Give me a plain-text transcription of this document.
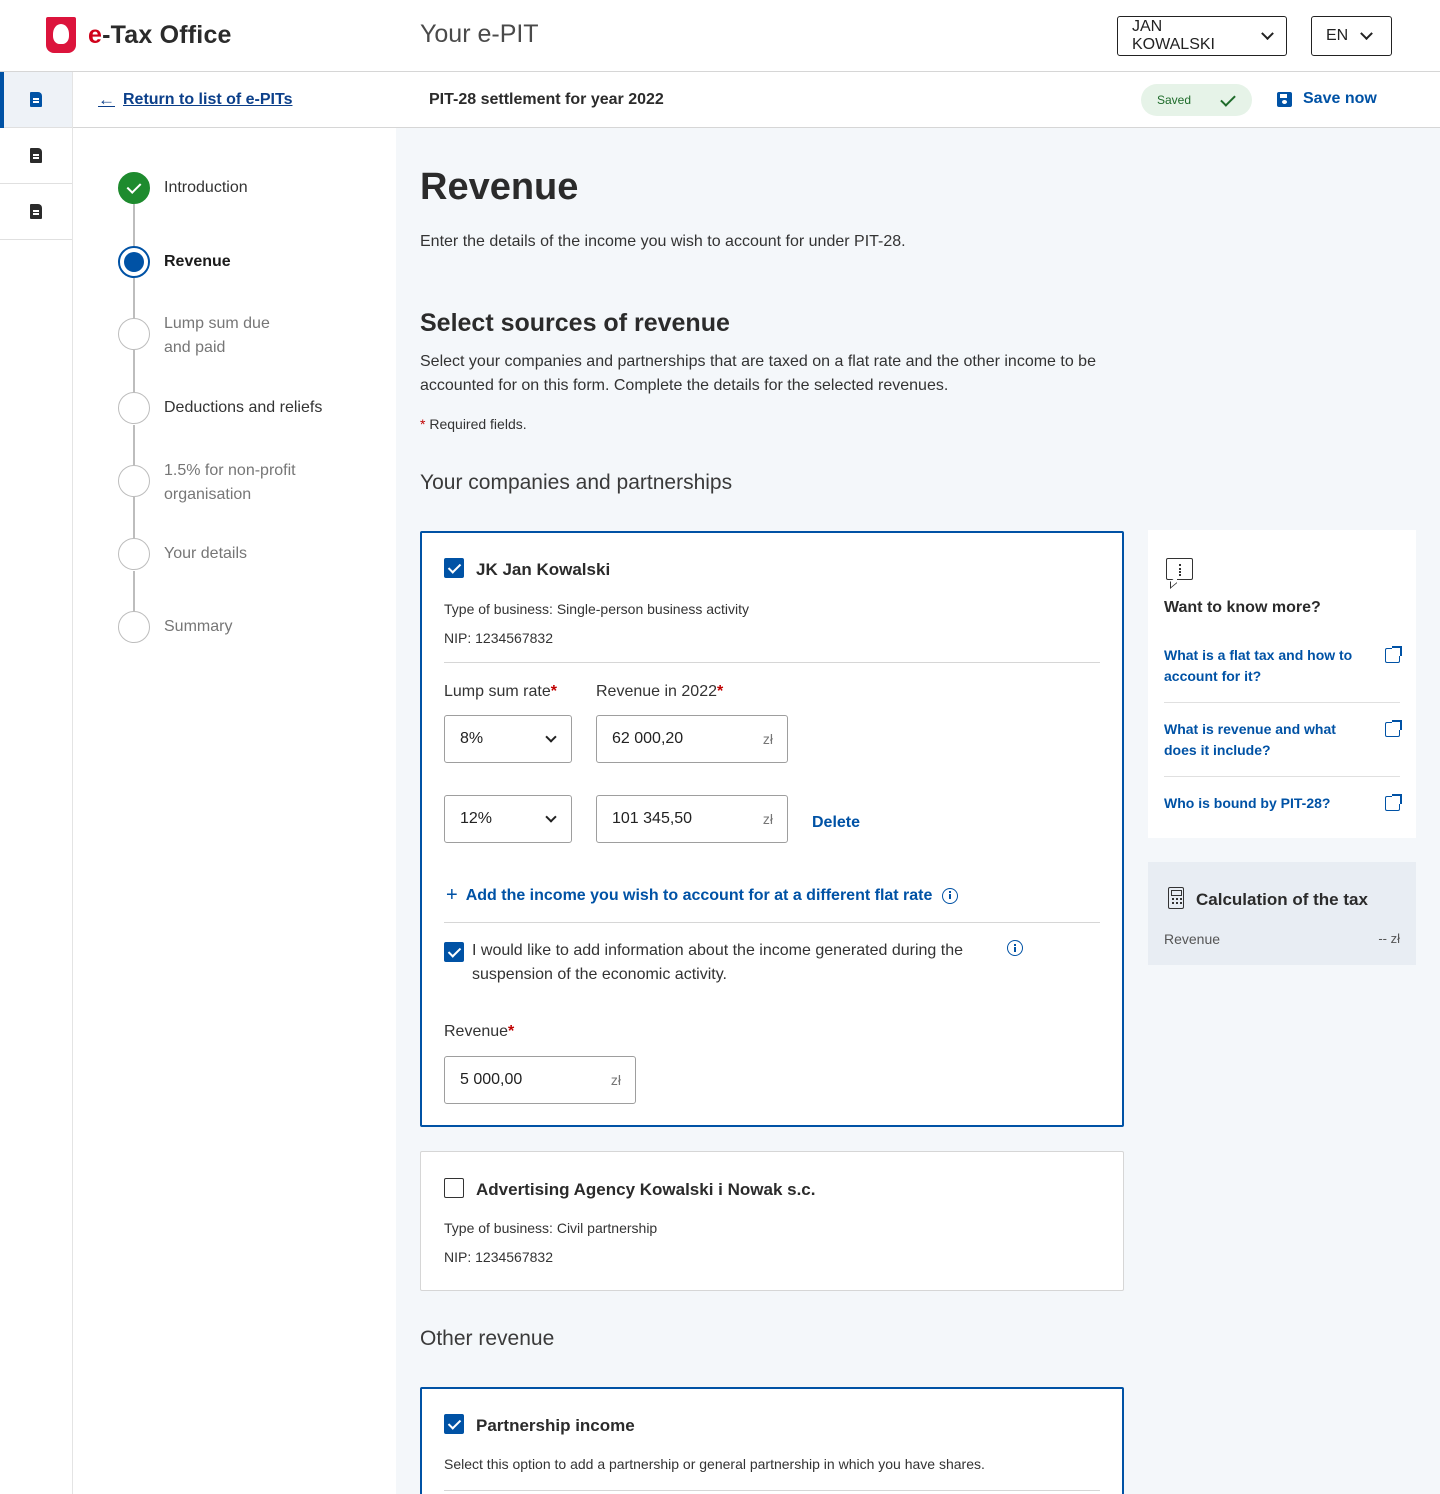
e-Tax Office	Your e-PIT	JAN KOWALSKI
EN
← Return to list of e-PITs	PIT-28 settlement for year 2022	Saved	Save now
Introduction
Revenue
Lump sum due and paid
Deductions and reliefs
1.5% for non-profit organisation
Your details
Summary
Revenue

Enter the details of the income you wish to account for under PIT-28.

Select sources of revenue

Select your companies and partnerships that are taxed on a flat rate and the other income to be accounted for on this form. Complete the details for the selected revenues.

* Required fields.

Your companies and partnerships
JK Jan Kowalski
Type of business: Single-person business activity
NIP: 1234567832
Lump sum rate* Revenue in 2022*
8%	62 000,20	zł
12%	101 345,50	zł Delete
+ Add the income you wish to account for at a different flat rate
I would like to add information about the income generated during the suspension of the economic activity.
Revenue*
5 000,00	zł
Advertising Agency Kowalski i Nowak s.c.
Type of business: Civil partnership
NIP: 1234567832
Other revenue
Partnership income
Select this option to add a partnership or general partnership in which you have shares.
Want to know more?
What is a flat tax and how to account for it?
What is revenue and what does it include?
Who is bound by PIT-28?
Calculation of the tax
Revenue	-- zł
